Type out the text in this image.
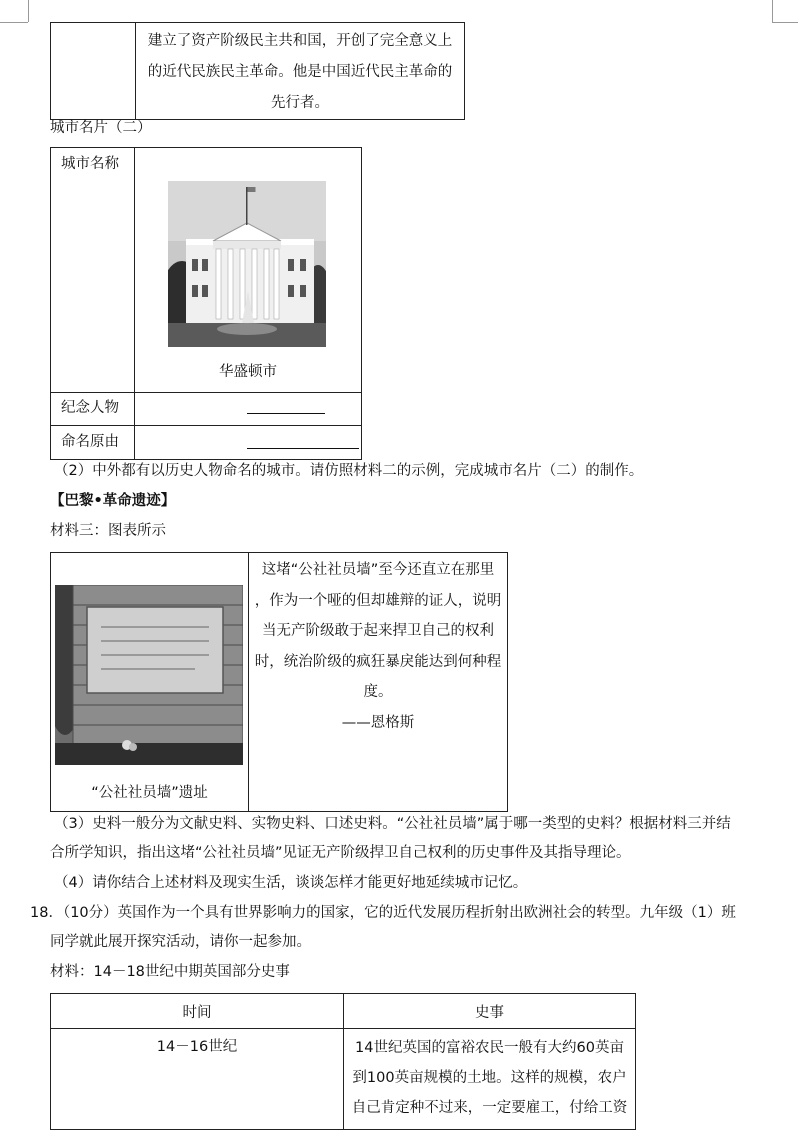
建立了资产阶级民主共和国，开创了完全意义上
的近代民族民主革命。他是中国近代民主革命的
先行者。
城市名片（二）
城市名称	华盛顿市

纪念人物	

命名原由	
（2）中外都有以历史人物命名的城市。请仿照材料二的示例，完成城市名片（二）的制作。
【巴黎•革命遗迹】
材料三：图表所示
“公社社员墙”遗址

这堵“公社社员墙”至今还直立在那里
，作为一个哑的但却雄辩的证人，说明
当无产阶级敢于起来捍卫自己的权利
时，统治阶级的疯狂暴戾能达到何种程
度。
——恩格斯
（3）史料一般分为文献史料、实物史料、口述史料。“公社社员墙”属于哪一类型的史料？根据材料三并结
合所学知识，指出这堵“公社社员墙”见证无产阶级捍卫自己权利的历史事件及其指导理论。
（4）请你结合上述材料及现实生活，谈谈怎样才能更好地延续城市记忆。
18．（10分）英国作为一个具有世界影响力的国家，它的近代发展历程折射出欧洲社会的转型。九年级（1）班
同学就此展开探究活动，请你一起参加。
材料：14－18世纪中期英国部分史事
时间	史事
14－16世纪	14世纪英国的富裕农民一般有大约60英亩
到100英亩规模的土地。这样的规模，农户
自己肯定种不过来，一定要雇工，付给工资
